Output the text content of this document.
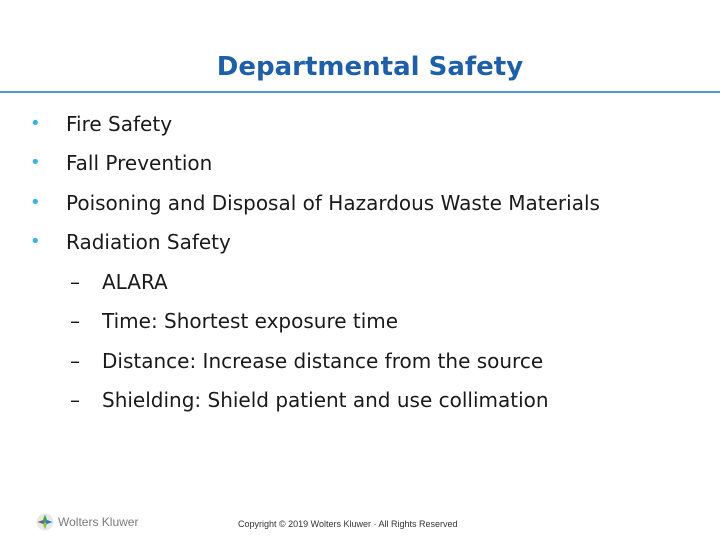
Departmental Safety
• Fire Safety
• Fall Prevention
• Poisoning and Disposal of Hazardous Waste Materials
• Radiation Safety
– ALARA
– Time: Shortest exposure time
– Distance: Increase distance from the source
– Shielding: Shield patient and use collimation
Wolters Kluwer	Copyright © 2019 Wolters Kluwer · All Rights Reserved
